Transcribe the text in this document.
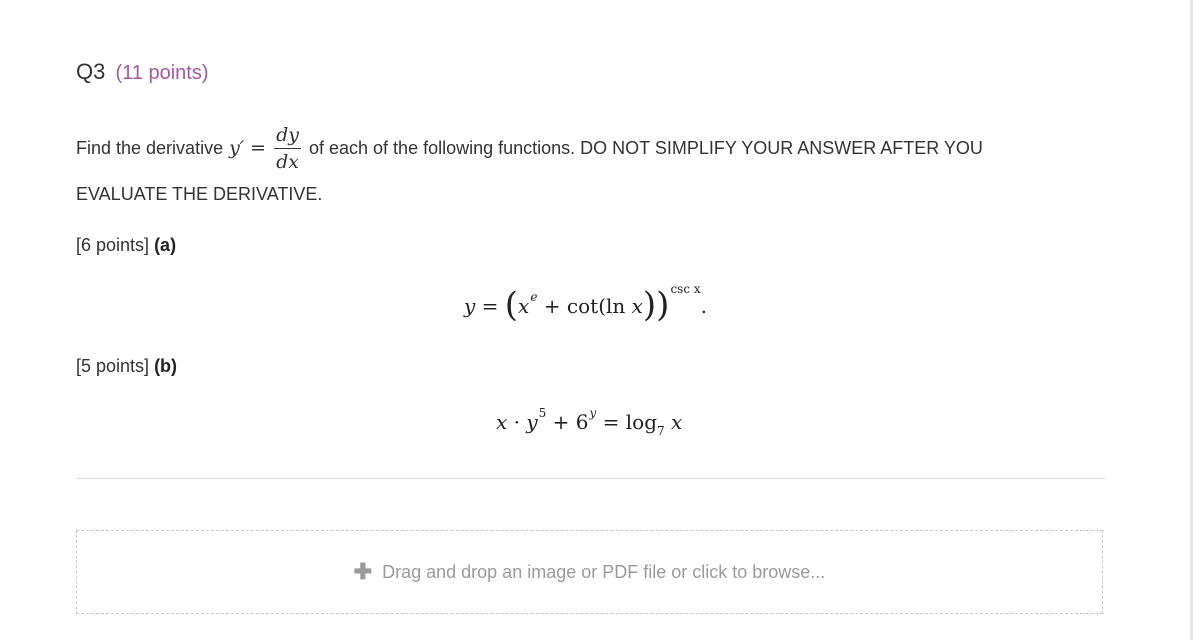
Q3 (11 points)
Find the derivative $y' = \frac{dy}{dx}$ of each of the following functions. DO NOT SIMPLIFY YOUR ANSWER AFTER YOU
EVALUATE THE DERIVATIVE.
[6 points] (a)
$y = (x^e + \cot(\ln$ x))$^{csc x}$.
[5 points] (b)
$x \cdot y^5 + 6^y = \log_7 x$
✚ Drag and drop an image or PDF file or click to browse...
